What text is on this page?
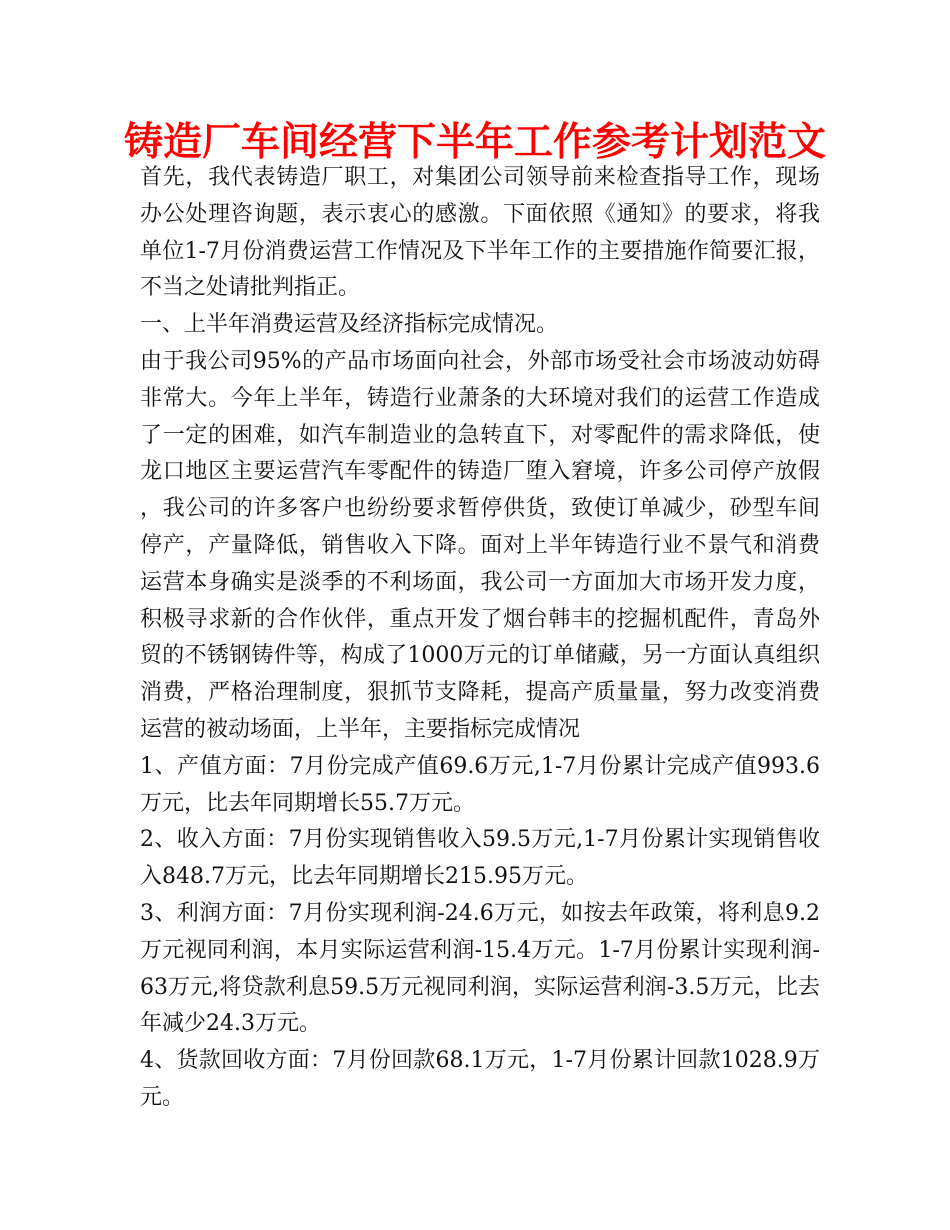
铸造厂车间经营下半年工作参考计划范文

首先，我代表铸造厂职工，对集团公司领导前来检查指导工作，现场办公处理咨询题，表示衷心的感激。下面依照《通知》的要求，将我单位1-7月份消费运营工作情况及下半年工作的主要措施作简要汇报，不当之处请批判指正。

一、上半年消费运营及经济指标完成情况。

由于我公司95%的产品市场面向社会，外部市场受社会市场波动妨碍非常大。今年上半年，铸造行业萧条的大环境对我们的运营工作造成了一定的困难，如汽车制造业的急转直下，对零配件的需求降低，使龙口地区主要运营汽车零配件的铸造厂堕入窘境，许多公司停产放假，我公司的许多客户也纷纷要求暂停供货，致使订单减少，砂型车间停产，产量降低，销售收入下降。面对上半年铸造行业不景气和消费运营本身确实是淡季的不利场面，我公司一方面加大市场开发力度，积极寻求新的合作伙伴，重点开发了烟台韩丰的挖掘机配件，青岛外贸的不锈钢铸件等，构成了1000万元的订单储藏，另一方面认真组织消费，严格治理制度，狠抓节支降耗，提高产质量量，努力改变消费运营的被动场面，上半年，主要指标完成情况

1、产值方面：7月份完成产值69.6万元,1-7月份累计完成产值993.6万元，比去年同期增长55.7万元。

2、收入方面：7月份实现销售收入59.5万元,1-7月份累计实现销售收入848.7万元，比去年同期增长215.95万元。

3、利润方面：7月份实现利润-24.6万元，如按去年政策，将利息9.2万元视同利润，本月实际运营利润-15.4万元。1-7月份累计实现利润-63万元,将贷款利息59.5万元视同利润，实际运营利润-3.5万元，比去年减少24.3万元。

4、货款回收方面：7月份回款68.1万元，1-7月份累计回款1028.9万元。
